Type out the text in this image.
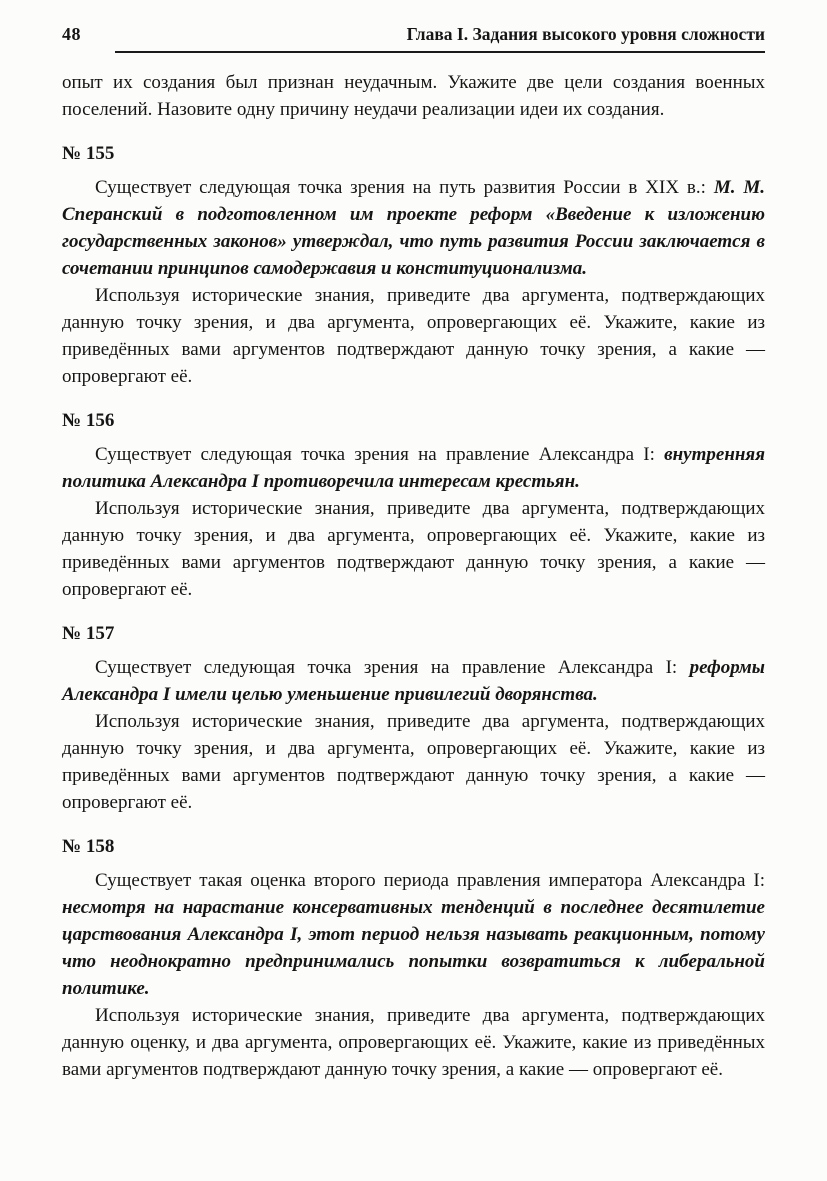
48	Глава I. Задания высокого уровня сложности

опыт их создания был признан неудачным. Укажите две цели создания военных поселений. Назовите одну причину неудачи реализации идеи их создания.

№ 155

Существует следующая точка зрения на путь развития России в XIX в.: М. М. Сперанский в подготовленном им проекте реформ «Введение к изложению государственных законов» утверждал, что путь развития России заключается в сочетании принципов самодержавия и конституционализма.

Используя исторические знания, приведите два аргумента, подтверждающих данную точку зрения, и два аргумента, опровергающих её. Укажите, какие из приведённых вами аргументов подтверждают данную точку зрения, а какие — опровергают её.

№ 156

Существует следующая точка зрения на правление Александра I: внутренняя политика Александра I противоречила интересам крестьян.

Используя исторические знания, приведите два аргумента, подтверждающих данную точку зрения, и два аргумента, опровергающих её. Укажите, какие из приведённых вами аргументов подтверждают данную точку зрения, а какие — опровергают её.

№ 157

Существует следующая точка зрения на правление Александра I: реформы Александра I имели целью уменьшение привилегий дворянства.

Используя исторические знания, приведите два аргумента, подтверждающих данную точку зрения, и два аргумента, опровергающих её. Укажите, какие из приведённых вами аргументов подтверждают данную точку зрения, а какие — опровергают её.

№ 158

Существует такая оценка второго периода правления императора Александра I: несмотря на нарастание консервативных тенденций в последнее десятилетие царствования Александра I, этот период нельзя называть реакционным, потому что неоднократно предпринимались попытки возвратиться к либеральной политике.

Используя исторические знания, приведите два аргумента, подтверждающих данную оценку, и два аргумента, опровергающих её. Укажите, какие из приведённых вами аргументов подтверждают данную точку зрения, а какие — опровергают её.
